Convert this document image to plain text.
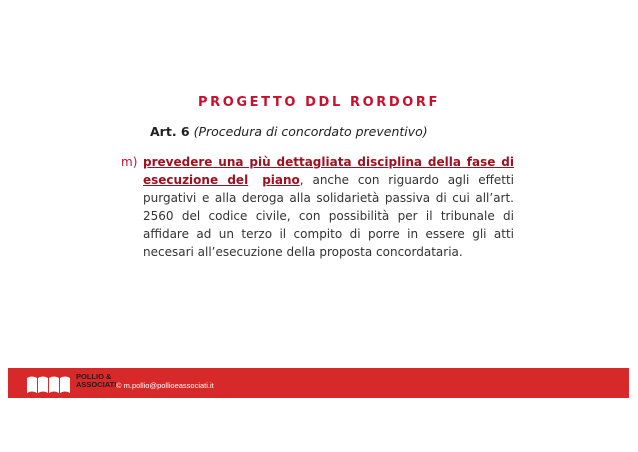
PROGETTO DDL RORDORF
Art. 6 (Procedura di concordato preventivo)
m) prevedere una più dettagliata disciplina della fase di esecuzione del piano, anche con riguardo agli effetti purgativi e alla deroga alla solidarietà passiva di cui all’art. 2560 del codice civile, con possibilità per il tribunale di affidare ad un terzo il compito di porre in essere gli atti necesari all’esecuzione della proposta concordataria.
POLLIO &
ASSOCIATI © m.pollio@pollioeassociati.it
